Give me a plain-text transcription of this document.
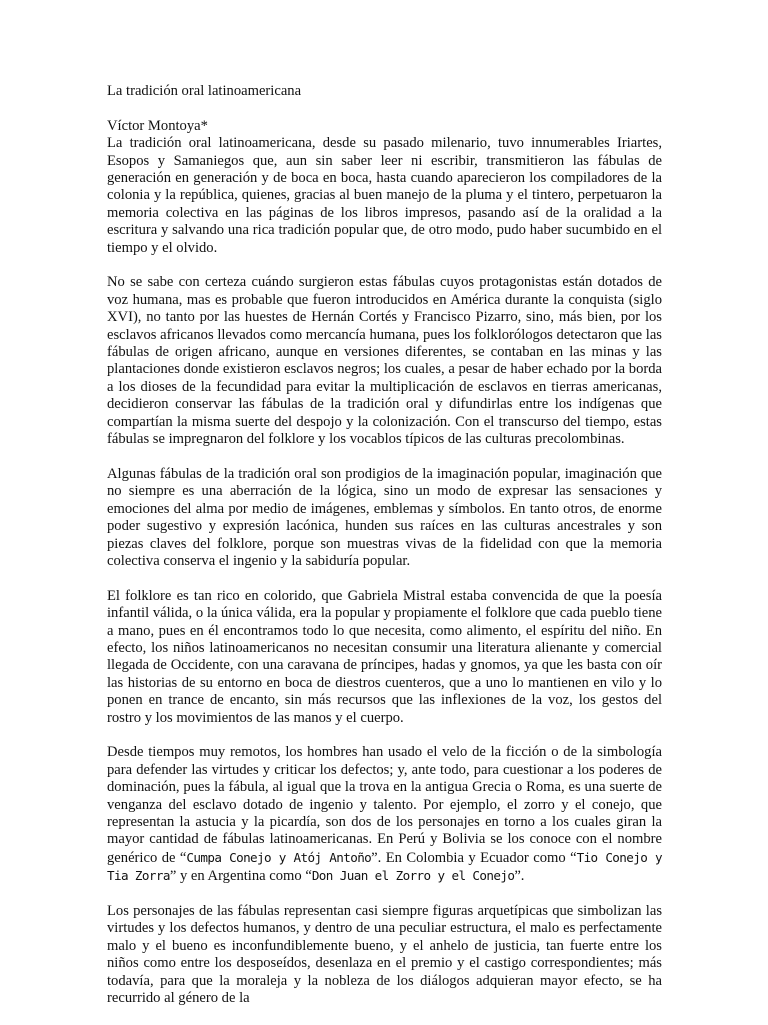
La tradición oral latinoamericana

Víctor Montoya*

La tradición oral latinoamericana, desde su pasado milenario, tuvo innumerables Iriartes, Esopos y Samaniegos que, aun sin saber leer ni escribir, transmitieron las fábulas de generación en generación y de boca en boca, hasta cuando aparecieron los compiladores de la colonia y la república, quienes, gracias al buen manejo de la pluma y el tintero, perpetuaron la memoria colectiva en las páginas de los libros impresos, pasando así de la oralidad a la escritura y salvando una rica tradición popular que, de otro modo, pudo haber sucumbido en el tiempo y el olvido.

No se sabe con certeza cuándo surgieron estas fábulas cuyos protagonistas están dotados de voz humana, mas es probable que fueron introducidos en América durante la conquista (siglo XVI), no tanto por las huestes de Hernán Cortés y Francisco Pizarro, sino, más bien, por los esclavos africanos llevados como mercancía humana, pues los folklorólogos detectaron que las fábulas de origen africano, aunque en versiones diferentes, se contaban en las minas y las plantaciones donde existieron esclavos negros; los cuales, a pesar de haber echado por la borda a los dioses de la fecundidad para evitar la multiplicación de esclavos en tierras americanas, decidieron conservar las fábulas de la tradición oral y difundirlas entre los indígenas que compartían la misma suerte del despojo y la colonización. Con el transcurso del tiempo, estas fábulas se impregnaron del folklore y los vocablos típicos de las culturas precolombinas.

Algunas fábulas de la tradición oral son prodigios de la imaginación popular, imaginación que no siempre es una aberración de la lógica, sino un modo de expresar las sensaciones y emociones del alma por medio de imágenes, emblemas y símbolos. En tanto otros, de enorme poder sugestivo y expresión lacónica, hunden sus raíces en las culturas ancestrales y son piezas claves del folklore, porque son muestras vivas de la fidelidad con que la memoria colectiva conserva el ingenio y la sabiduría popular.

El folklore es tan rico en colorido, que Gabriela Mistral estaba convencida de que la poesía infantil válida, o la única válida, era la popular y propiamente el folklore que cada pueblo tiene a mano, pues en él encontramos todo lo que necesita, como alimento, el espíritu del niño. En efecto, los niños latinoamericanos no necesitan consumir una literatura alienante y comercial llegada de Occidente, con una caravana de príncipes, hadas y gnomos, ya que les basta con oír las historias de su entorno en boca de diestros cuenteros, que a uno lo mantienen en vilo y lo ponen en trance de encanto, sin más recursos que las inflexiones de la voz, los gestos del rostro y los movimientos de las manos y el cuerpo.

Desde tiempos muy remotos, los hombres han usado el velo de la ficción o de la simbología para defender las virtudes y criticar los defectos; y, ante todo, para cuestionar a los poderes de dominación, pues la fábula, al igual que la trova en la antigua Grecia o Roma, es una suerte de venganza del esclavo dotado de ingenio y talento. Por ejemplo, el zorro y el conejo, que representan la astucia y la picardía, son dos de los personajes en torno a los cuales giran la mayor cantidad de fábulas latinoamericanas. En Perú y Bolivia se los conoce con el nombre genérico de “Cumpa Conejo y Atój Antoño”. En Colombia y Ecuador como “Tio Conejo y Tia Zorra” y en Argentina como “Don Juan el Zorro y el Conejo”.

Los personajes de las fábulas representan casi siempre figuras arquetípicas que simbolizan las virtudes y los defectos humanos, y dentro de una peculiar estructura, el malo es perfectamente malo y el bueno es inconfundiblemente bueno, y el anhelo de justicia, tan fuerte entre los niños como entre los desposeídos, desenlaza en el premio y el castigo correspondientes; más todavía, para que la moraleja y la nobleza de los diálogos adquieran mayor efecto, se ha recurrido al género de la
